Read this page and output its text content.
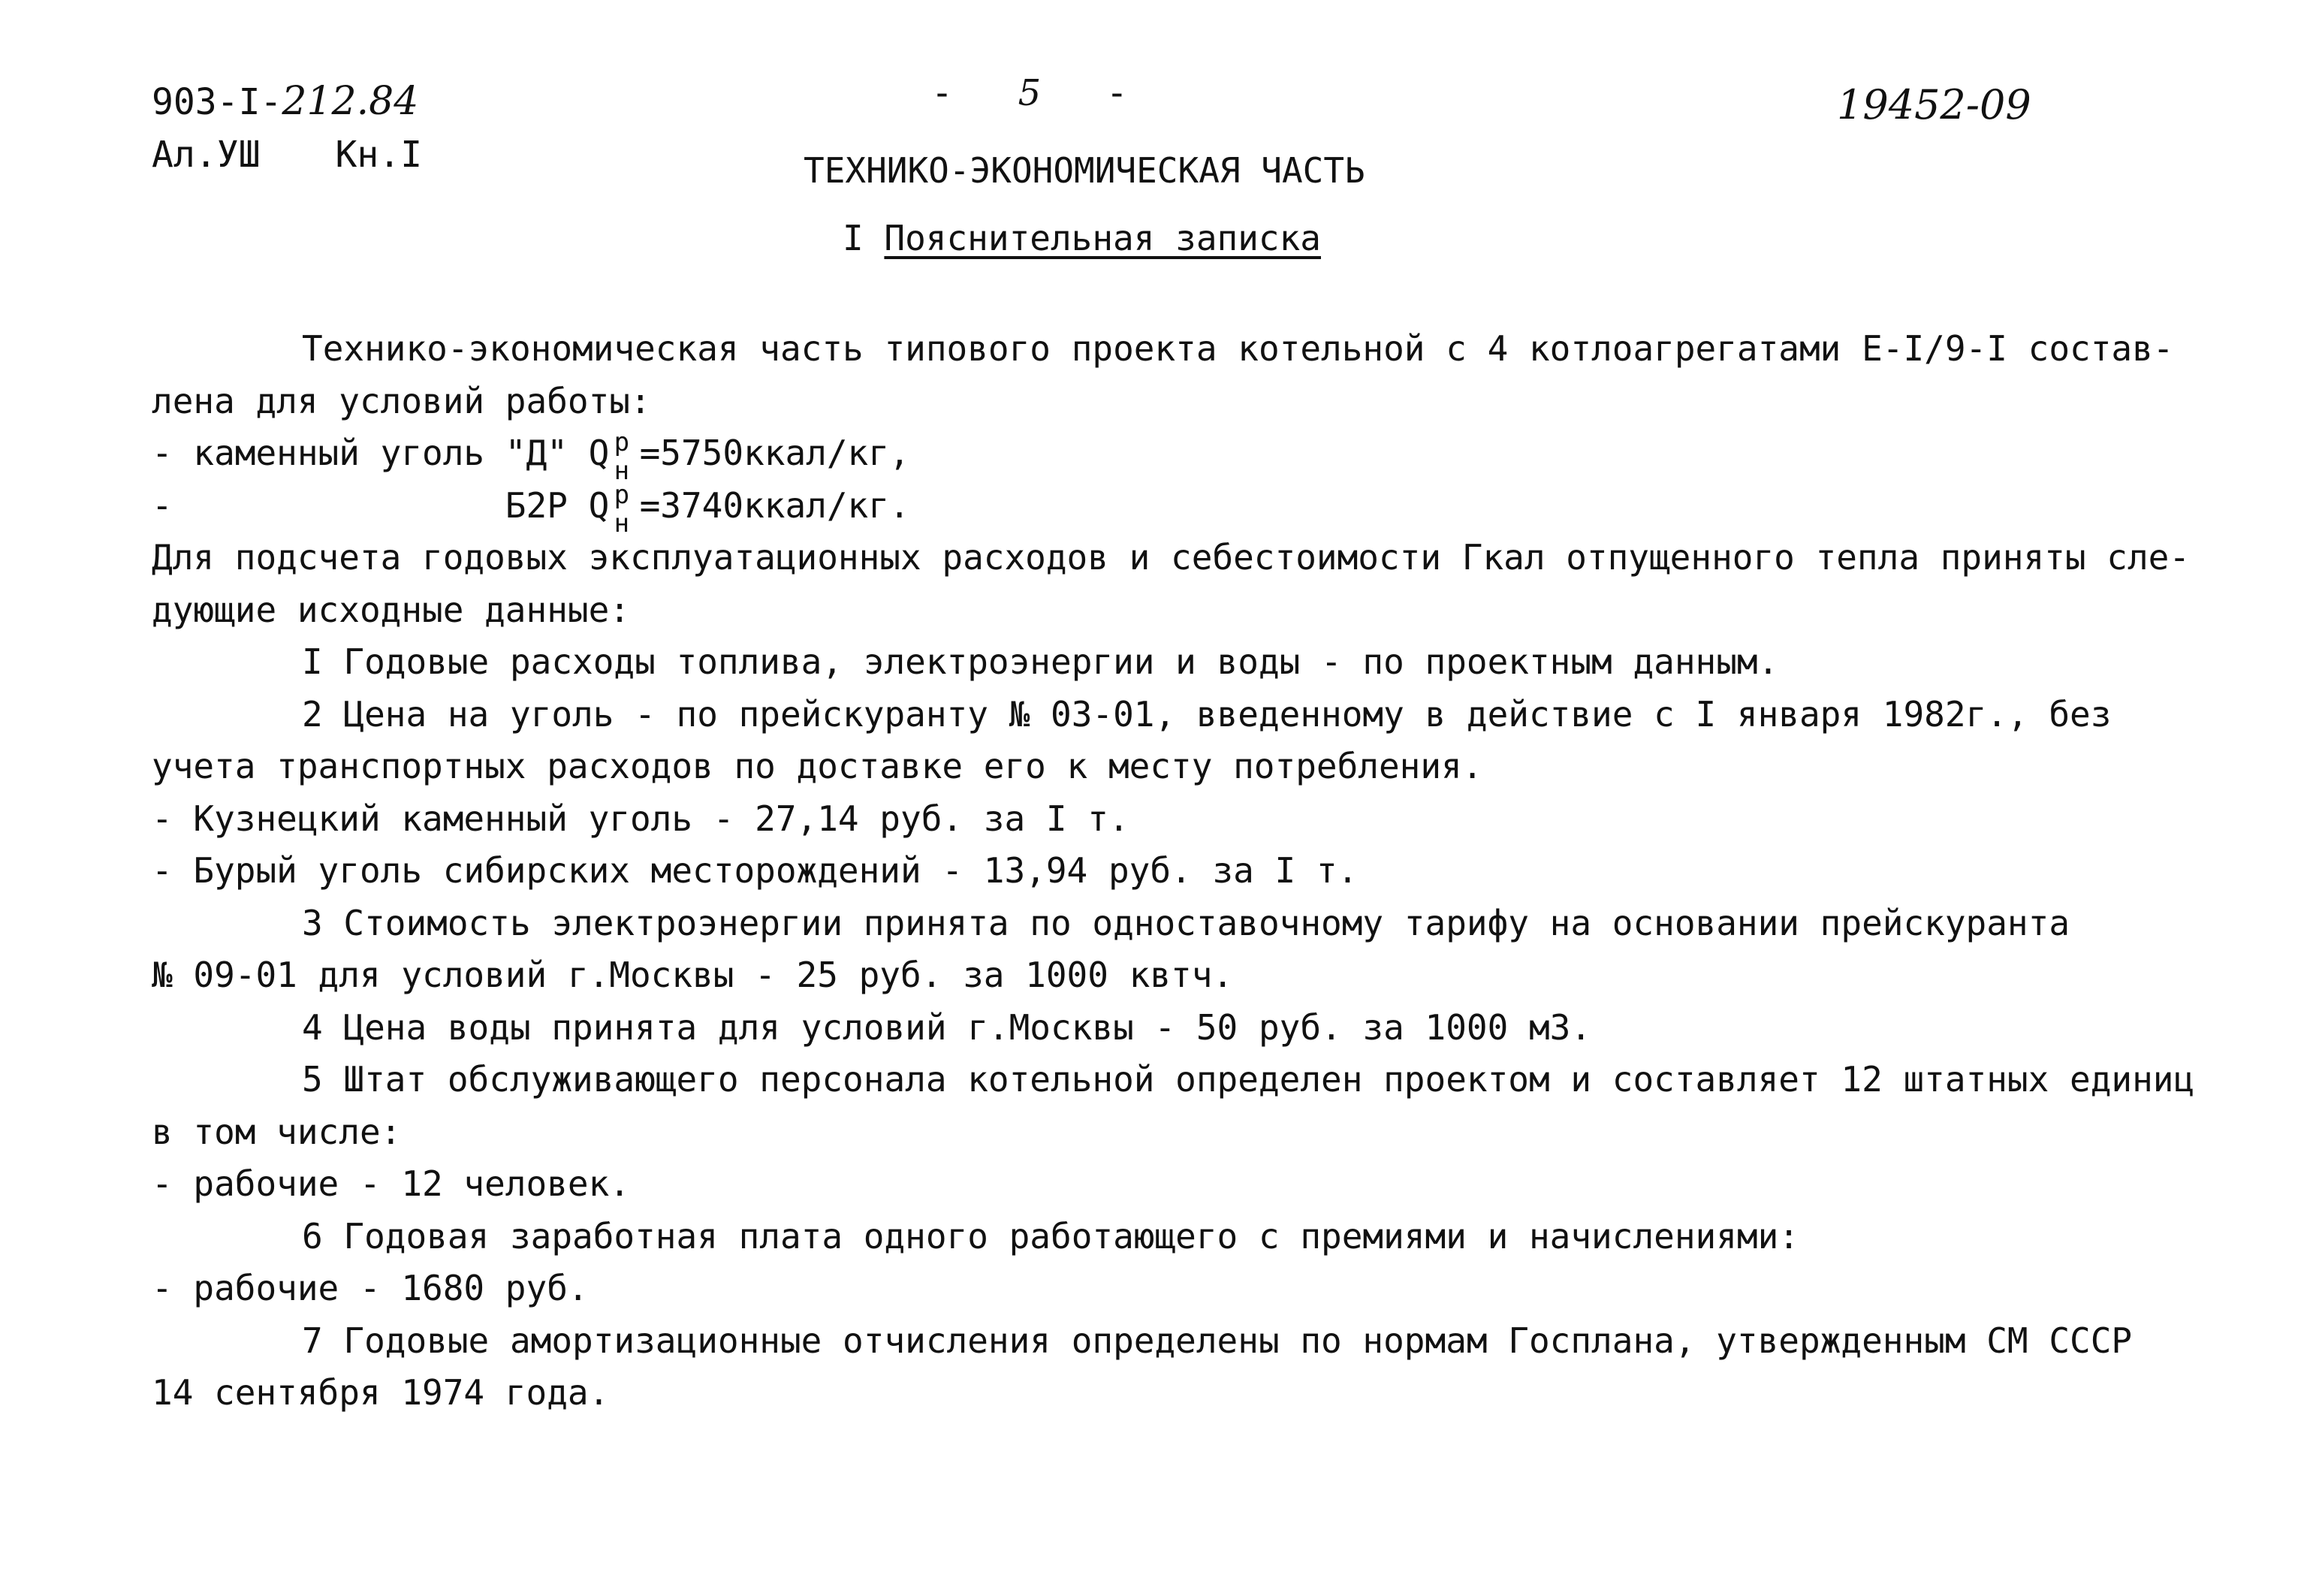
903-I-212.84
Ал.УШ Кн.I
-   5   -	19452-09
ТЕХНИКО-ЭКОНОМИЧЕСКАЯ ЧАСТЬ
I Пояснительная записка
Технико-экономическая часть типового проекта котельной с 4 котлоагрегатами Е-I/9-I состав-
лена для условий работы:
- каменный уголь "Д" Q р
н =5750ккал/кг,
-                Б2Р Q р
н =3740ккал/кг.
Для подсчета годовых эксплуатационных расходов и себестоимости Гкал отпущенного тепла приняты сле-
дующие исходные данные:
I Годовые расходы топлива, электроэнергии и воды - по проектным данным.
2 Цена на уголь - по прейскуранту № 03-01, введенному в действие с I января 1982г., без
учета транспортных расходов по доставке его к месту потребления.
- Кузнецкий каменный уголь - 27,14 руб. за I т.
- Бурый уголь сибирских месторождений - 13,94 руб. за I т.
3 Стоимость электроэнергии принята по одноставочному тарифу на основании прейскуранта
№ 09-01 для условий г.Москвы - 25 руб. за 1000 квтч.
4 Цена воды принята для условий г.Москвы - 50 руб. за 1000 м3.
5 Штат обслуживающего персонала котельной определен проектом и составляет 12 штатных единиц
в том числе:
- рабочие - 12 человек.
6 Годовая заработная плата одного работающего с премиями и начислениями:
- рабочие - 1680 руб.
7 Годовые амортизационные отчисления определены по нормам Госплана, утвержденным СМ СССР
14 сентября 1974 года.
